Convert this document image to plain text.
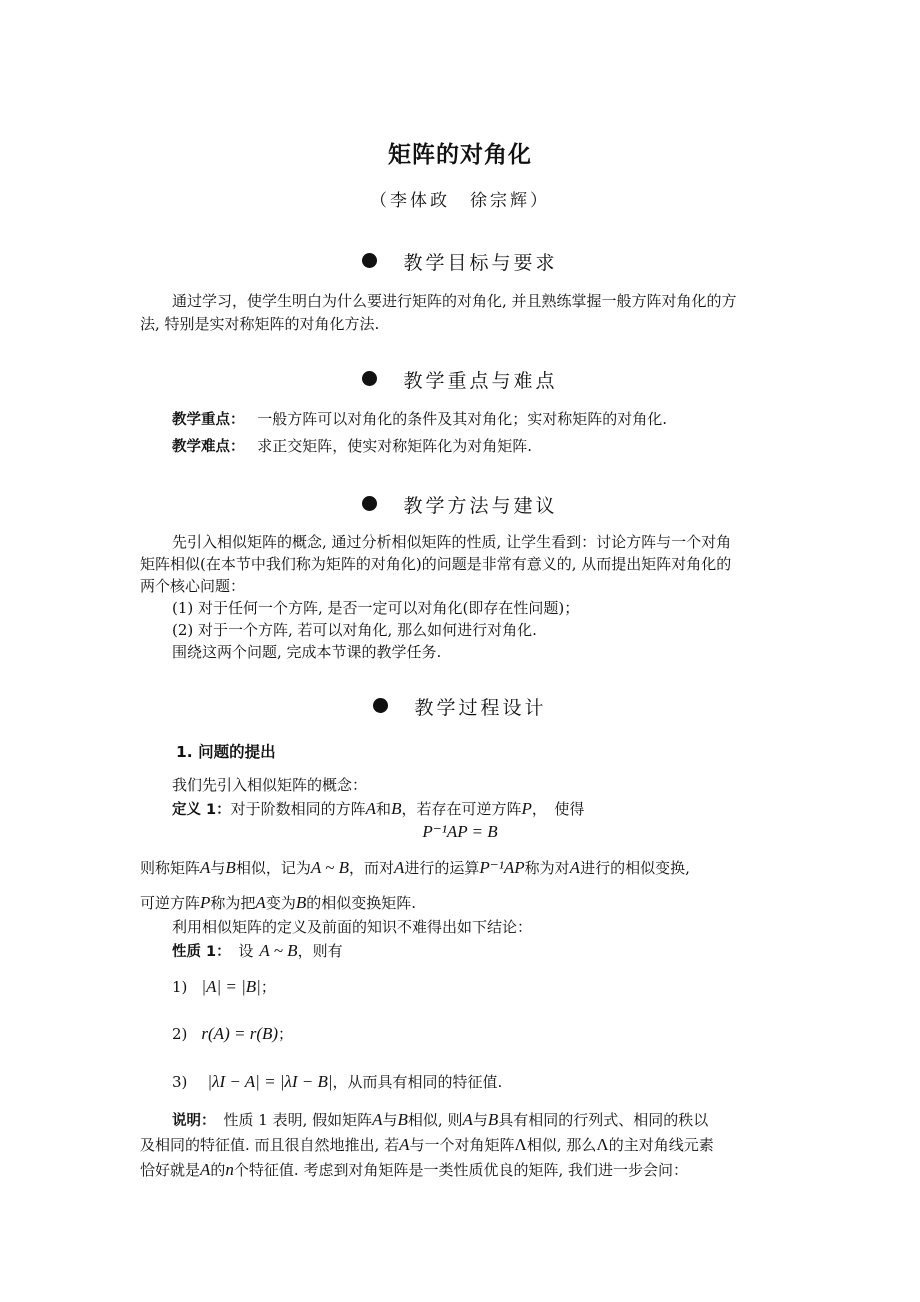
矩阵的对角化
（李体政　徐宗辉）
教学目标与要求
通过学习，使学生明白为什么要进行矩阵的对角化, 并且熟练掌握一般方阵对角化的方
法, 特别是实对称矩阵的对角化方法.
教学重点与难点
教学重点： 一般方阵可以对角化的条件及其对角化；实对称矩阵的对角化.
教学难点： 求正交矩阵，使实对称矩阵化为对角矩阵.
教学方法与建议
先引入相似矩阵的概念, 通过分析相似矩阵的性质, 让学生看到：讨论方阵与一个对角
矩阵相似(在本节中我们称为矩阵的对角化)的问题是非常有意义的, 从而提出矩阵对角化的
两个核心问题：
(1) 对于任何一个方阵, 是否一定可以对角化(即存在性问题)；
(2) 对于一个方阵, 若可以对角化, 那么如何进行对角化.
围绕这两个问题, 完成本节课的教学任务.
教学过程设计
1. 问题的提出
我们先引入相似矩阵的概念：
定义 1：对于阶数相同的方阵A和B，若存在可逆方阵P，　使得
P⁻¹AP = B
则称矩阵A与B相似，记为A ~ B，而对A进行的运算P⁻¹AP称为对A进行的相似变换,
可逆方阵P称为把A变为B的相似变换矩阵.
利用相似矩阵的定义及前面的知识不难得出如下结论：
性质 1：　设 A ~ B，则有
1) |A| = |B|；
2) r(A) = r(B)；
3) |λI − A| = |λI − B|，从而具有相同的特征值.
说明： 性质 1 表明, 假如矩阵A与B相似, 则A与B具有相同的行列式、相同的秩以
及相同的特征值. 而且很自然地推出, 若A与一个对角矩阵Λ相似, 那么Λ的主对角线元素
恰好就是A的n个特征值. 考虑到对角矩阵是一类性质优良的矩阵, 我们进一步会问：
